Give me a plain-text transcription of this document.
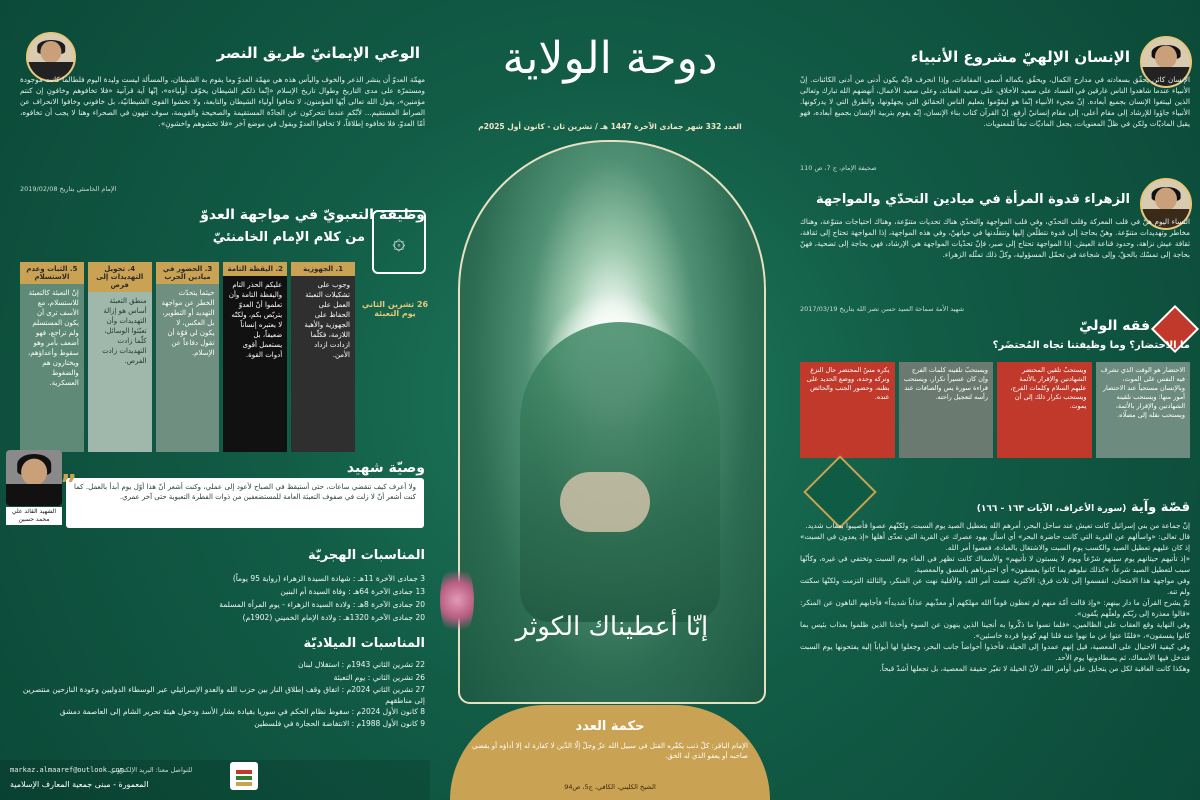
الوعي الإيمانيّ طريق النصر
مهمّة العدوّ أن ينشر الذعر والخوف واليأس هذه هي مهمّة العدوّ وما يقوم به الشيطان، والمسألة ليست وليدة اليوم فلطالما كانت موجودة ومستمرّة على مدى التاريخ وطوال تاريخ الإسلام «إنّما ذلكم الشيطان يخوّف أولياءه»، إنّها آية قرآنية «فلا تخافوهم وخافونِ إن كنتم مؤمنين»، يقول الله تعالى أيّها المؤمنون، لا تخافوا أولياء الشيطان والتابعة، ولا تخشوا القوى الشيطانيّة، بل خافوني وخافوا الانحراف عن الصراط المستقيم... لأنّكم عندما تتحركون عن الجادّة المستقيمة والصحيحة والقويمة، سوف تنهون في الصحراء وهنا لا يجب أن تخافوه، أمّا العدوّ، فلا تخافوه إطلاقاً، لا تخافوا العدوّ ويقول في موضع آخر «فلا تخشوهم واخشونِ».
الإمام الخامنئي بتاريخ 2019/02/08
وظيفة التعبويّ في مواجهة العدوّ
من كلام الإمام الخامنئيّ	۞
26 تشرين الثاني يوم التعبئة
1. الجهوزية
وجوب على تشكيلات التعبئة العمل على الحفاظ على الجهوزية والأهبة اللازمة، فكلّما ازدادت ازداد الأمن.
2. اليقظة التامة
عليكم الحذر التام واليقظة التامة وأن تعلموا أنّ العدوّ يتربّص بكم، ولكنّه لا يعتبره إنساناً ضعيفاً، بل يستعمل أقوى أدوات القوة.
3. الحضور في ميادين الحرب
حيثما يتحدّث الخطر عن مواجهة التهديد أو التطوير، بل العكس، لا يكون لي قوّة أن تقول دفاعاً عن الإسلام.
4. تحويل التهديدات إلى فرص
منطق التعبئة أساس هو إزالة التهديدات وأن تعبّئوا الوسائل، كلّما زادت التهديدات زادت الفرص.
5. الثبات وعدم الاستسلام
إنّ التعبئة كالتعبئة للاستسلام، مع الأسف ترى أن يكون المستسلم ولم تراجع، فهو أضعف بأمر وهو سقوط وأعداؤهم، ويختارون هم والضغوط العسكرية.
وصيّة شهيد
الشهيد القائد علي محمد حسين
”
ولا أعرف كيف تنقضي ساعات، حتى أستيقظ في الصباح لأعود إلى عملي، وكنت أشعر أنّ هذا أوّل يوم أبدأ بالعمل. كما كنت أشعر أنّ لا زلت في صفوف التعبئة العامة للمستضعفين من ذوات الفطرة التعبوية حتى آخر عمري.
المناسبات الهجريّة
3 جمادى الآخرة 11هـ : شهادة السيدة الزهراء (رواية 95 يوماً)
13 جمادى الآخرة 64هـ : وفاة السيدة أم البنين
20 جمادى الآخرة 8هـ : ولادة السيدة الزهراء - يوم المرأة المسلمة
20 جمادى الآخرة 1320هـ : ولادة الإمام الخميني (1902م)
المناسبات الميلاديّة
22 تشرين الثاني 1943م : استقلال لبنان
26 تشرين الثاني : يوم التعبئة
27 تشرين الثاني 2024م : اتفاق وقف إطلاق النار بين حزب الله والعدو الإسرائيلي عبر الوسطاء الدوليين وعودة النازحين منتصرين إلى مناطقهم
8 كانون الأول 2024م : سقوط نظام الحكم في سوريا بقيادة بشار الأسد ودخول هيئة تحرير الشام إلى العاصمة دمشق
9 كانون الأول 1988م : الانتفاضة الحجارة في فلسطين
للتواصل معنا: البريد الإلكتروني
markaz.almaaref@outlook.com
المعمورة - مبنى جمعية المعارف الإسلامية
دوحة الولاية
العدد 332 شهر جمادى الآخرة 1447 هـ / تشرين ثان - كانون أول 2025م
إنّا أعطيناك الكوثر
حكمة العدد
الإمام الباقر: كلّ ذنب يكفّره القتل في سبيل الله عزّ وجلّ إلّا الدَّين لا كفارة له إلا أداؤه أو يقضي صاحبه أو يعفو الذي له الحق.
الشيخ الكليني، الكافي، ج5، ص94
الإنسان الإلهيّ مشروع الأنبياء
الإنسان كائن يحقّق بسعادته في مدارج الكمال، ويحقّق بكماله أسمى المقامات، وإذا انحرف فإنّه يكون أدنى من أدنى الكائنات. إنّ الأنبياء عندما شاهدوا الناس غارقين في الفساد على صعيد الأخلاق، على صعيد العقائد، وعلى صعيد الأعمال، أنهضهم الله تبارك وتعالى الذين ليبتغوا الإنسان بجميع أبعاده. إنّ مجيء الأنبياء إنّما هو ليقوّموا بتعليم الناس الحقائق التي يجهلونها، والطرق التي لا يدركونها. الأنبياء جاؤوا للإرشاد إلى مقام أعلى، إلى مقام إنسانيّ أرفع. إنّ القرآن كتاب بناء الإنسان، إنّه يقوم بتربية الإنسان بجميع أبعاده، فهو يقبل الماديّات ولكن في ظلّ المعنويات، يجعل الماديّات تبعاً للمعنويات.
صحيفة الإمام، ج 7، ص 110
الزهراء قدوة المرأة في ميادين التحدّي والمواجهة
النساء اليوم هنّ في قلب المعركة وقلب التحدّي، وفي قلب المواجهة والتحدّي هناك تحديات متنوّعة، وهناك احتياجات متنوّعة، وهناك مخاطر وتهديدات متنوّعة. وهنّ بحاجة إلى قدوة نتطلّعن إليها وتتقلّدنها في حياتهنّ، وفي هذه المواجهة، إذا المواجهة تحتاج إلى ثقافة، ثقافة عيش نزاهة، وحدود قناعة العيش. إذا المواجهة تحتاج إلى صبر، فإنّ تحدّيات المواجهة هي الإرشاد، فهي بحاجة إلى تضحية، فهنّ بحاجة إلى تمسّك بالحقّ، وإلى شجاعة في تحمّل المسؤولية، وكلّ ذلك تمثّله الزهراء.
شهيد الأمة سماحة السيد حسن نصر الله بتاريخ 2017/03/19
فقه الوليّ
ما الاحتضار؟ وما وظيفتنا تجاه المُحتضَر؟
الاحتضار هو الوقت الذي تشرف فيه النفس على الموت، وبالإنسان مستحباً عند الاحتضار أمور منها: ويستحب تلقينه الشهادتين والإقرار بالأئمة، ويستحب نقله إلى مصلّاه.
ويستحبّ تلقين المحتضر الشهادتين والإقرار بالأئمة عليهم السلام وكلمات الفرج، ويستحب تكرار ذلك إلى أن يموت.
ويستحبّ تلقينه كلمات الفرج وإن كان عسيراً تكرار، ويستحب قراءة سورة يس والصافات عند رأسه لتعجيل راحته.
يكره مسّ المحتضر حال النزع وتركه وحده، ووضع الحديد على بطنه، وحضور الجنب والحائض عنده.
قصّة وآية (سورة الأعراف، الآيات ١٦٣ - ١٦٦)
إنّ جماعة من بني إسرائيل كانت تعيش عند ساحل البحر، أمرهم الله بتعطيل الصيد يوم السبت، ولكنّهم عصوا فأصيبوا بعقاب شديد.
قال تعالى: «واسألهم عن القرية التي كانت حاضرة البحر» أي اسأل يهود عصرك عن القرية التي تعدّى أهلها «إذ يعدون في السبت» إذ كان عليهم تعطيل الصيد والكسب يوم السبت والاشتغال بالعبادة، فعصوا أمر الله.
«إذ تأتيهم حيتانهم يوم سبتهم شرّعاً ويوم لا يسبتون لا تأتيهم» والأسماك كانت تظهر في الماء يوم السبت وتختفي في غيره، وكأنّها سبب لتعطيل الصيد شرعاً، «كذلك نبلوهم بما كانوا يفسقون» أي اختبرناهم بالفسق والمعصية.
وفي مواجهة هذا الامتحان، انقسموا إلى ثلاث فرق: الأكثرية عصت أمر الله، والأقلية نهت عن المنكر، والثالثة التزمت ولكنّها سكتت ولم تنه.
ثمّ يشرح القرآن ما دار بينهم: «وإذ قالت أمّة منهم لم تعظون قوماً الله مهلكهم أو معذّبهم عذاباً شديداً» فأجابهم الناهون عن المنكر: «قالوا معذرة إلى ربّكم ولعلّهم يتّقون».
وفي النهاية وقع العقاب على الظالمين، «فلما نسوا ما ذكّروا به أنجينا الذين ينهون عن السوء وأخذنا الذين ظلموا بعذاب بئيس بما كانوا يفسقون»، «فلمّا عتوا عن ما نهوا عنه قلنا لهم كونوا قردة خاسئين».
وفي كيفية الاحتيال على المعصية، قيل إنهم عمدوا إلى الحيلة، فأخذوا أحواضاً جانب البحر، وجعلوا لها أبواباً إليه يفتحونها يوم السبت فتدخل فيها الأسماك، ثم يصطادونها يوم الأحد.
وهكذا كانت العاقبة لكل من يتحايل على أوامر الله، لأنّ الحيلة لا تغيّر حقيقة المعصية، بل تجعلها أشدّ قبحاً.
